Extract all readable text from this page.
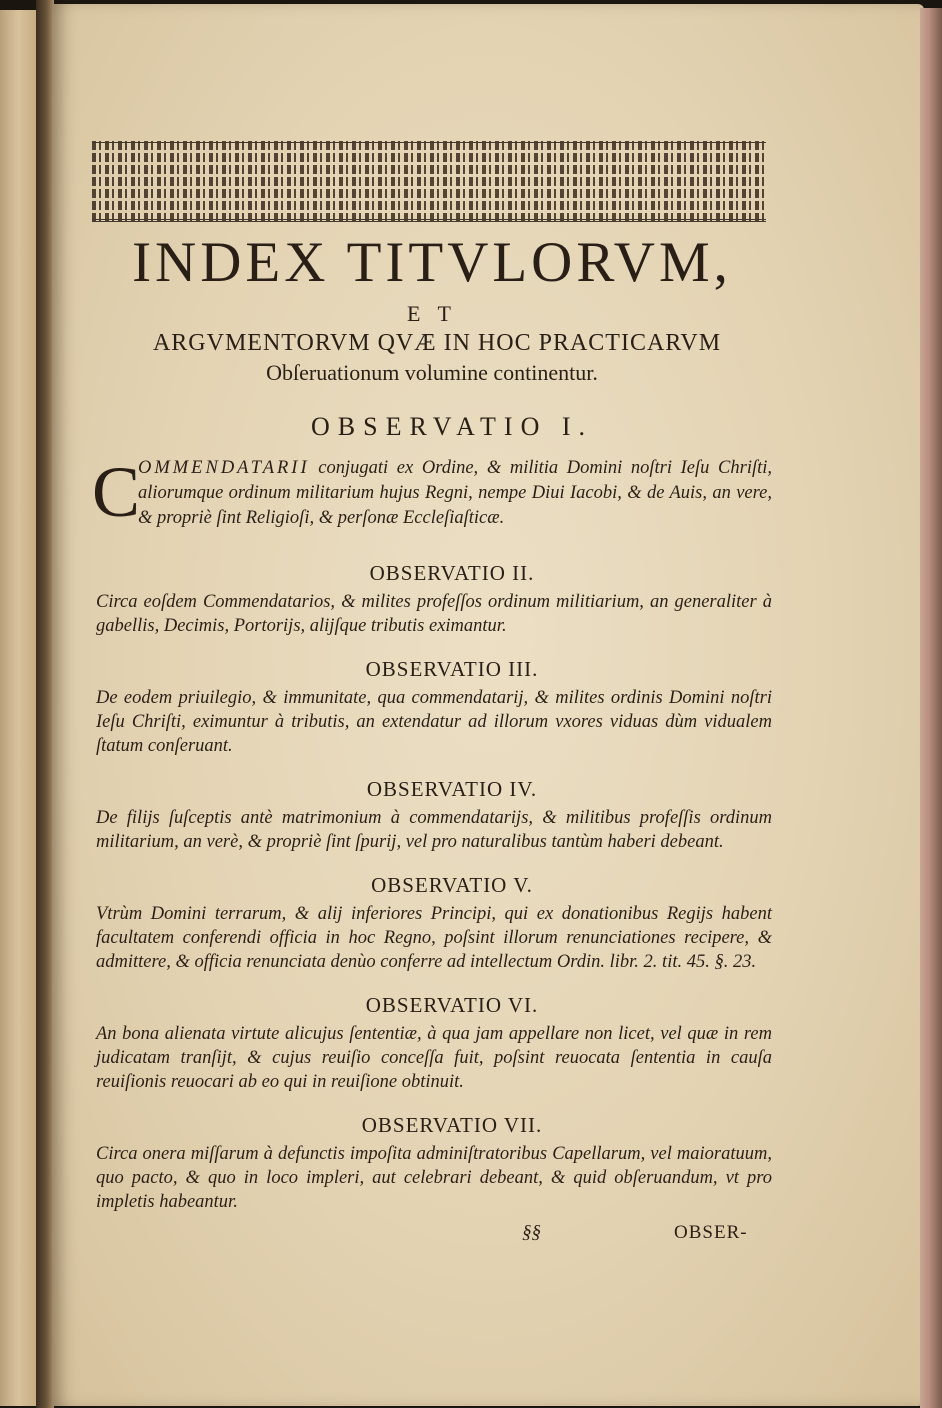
INDEX TITVLORVM,
E T
ARGVMENTORVM QVÆ IN HOC PRACTICARVM
Obſeruationum volumine continentur.
OBSERVATIO I.
C
OMMENDATARII conjugati ex Ordine, & militia Domini noſtri Ieſu Chriſti, aliorumque ordinum militarium hujus Regni, nempe Diui Iacobi, & de Auis, an vere, & propriè ſint Religioſi, & perſonæ Eccleſiaſticæ.
OBSERVATIO II.
Circa eoſdem Commendatarios, & milites profeſſos ordinum militiarium, an generaliter à gabellis, Decimis, Portorijs, alijſque tributis eximantur.
OBSERVATIO III.
De eodem priuilegio, & immunitate, qua commendatarij, & milites ordinis Domini noſtri Ieſu Chriſti, eximuntur à tributis, an extendatur ad illorum vxores viduas dùm vidualem ſtatum conſeruant.
OBSERVATIO IV.
De filijs ſuſceptis antè matrimonium à commendatarijs, & militibus profeſſis ordinum militarium, an verè, & propriè ſint ſpurij, vel pro naturalibus tantùm haberi debeant.
OBSERVATIO V.
Vtrùm Domini terrarum, & alij inferiores Principi, qui ex donationibus Regijs habent facultatem conferendi officia in hoc Regno, poſsint illorum renunciationes recipere, & admittere, & officia renunciata denùo conferre ad intellectum Ordin. libr. 2. tit. 45. §. 23.
OBSERVATIO VI.
An bona alienata virtute alicujus ſententiæ, à qua jam appellare non licet, vel quæ in rem judicatam tranſijt, & cujus reuiſio conceſſa fuit, poſsint reuocata ſententia in cauſa reuiſionis reuocari ab eo qui in reuiſione obtinuit.
OBSERVATIO VII.
Circa onera miſſarum à defunctis impoſita adminiſtratoribus Capellarum, vel maioratuum, quo pacto, & quo in loco impleri, aut celebrari debeant, & quid obſeruandum, vt pro impletis habeantur.
§§	OBSER-
